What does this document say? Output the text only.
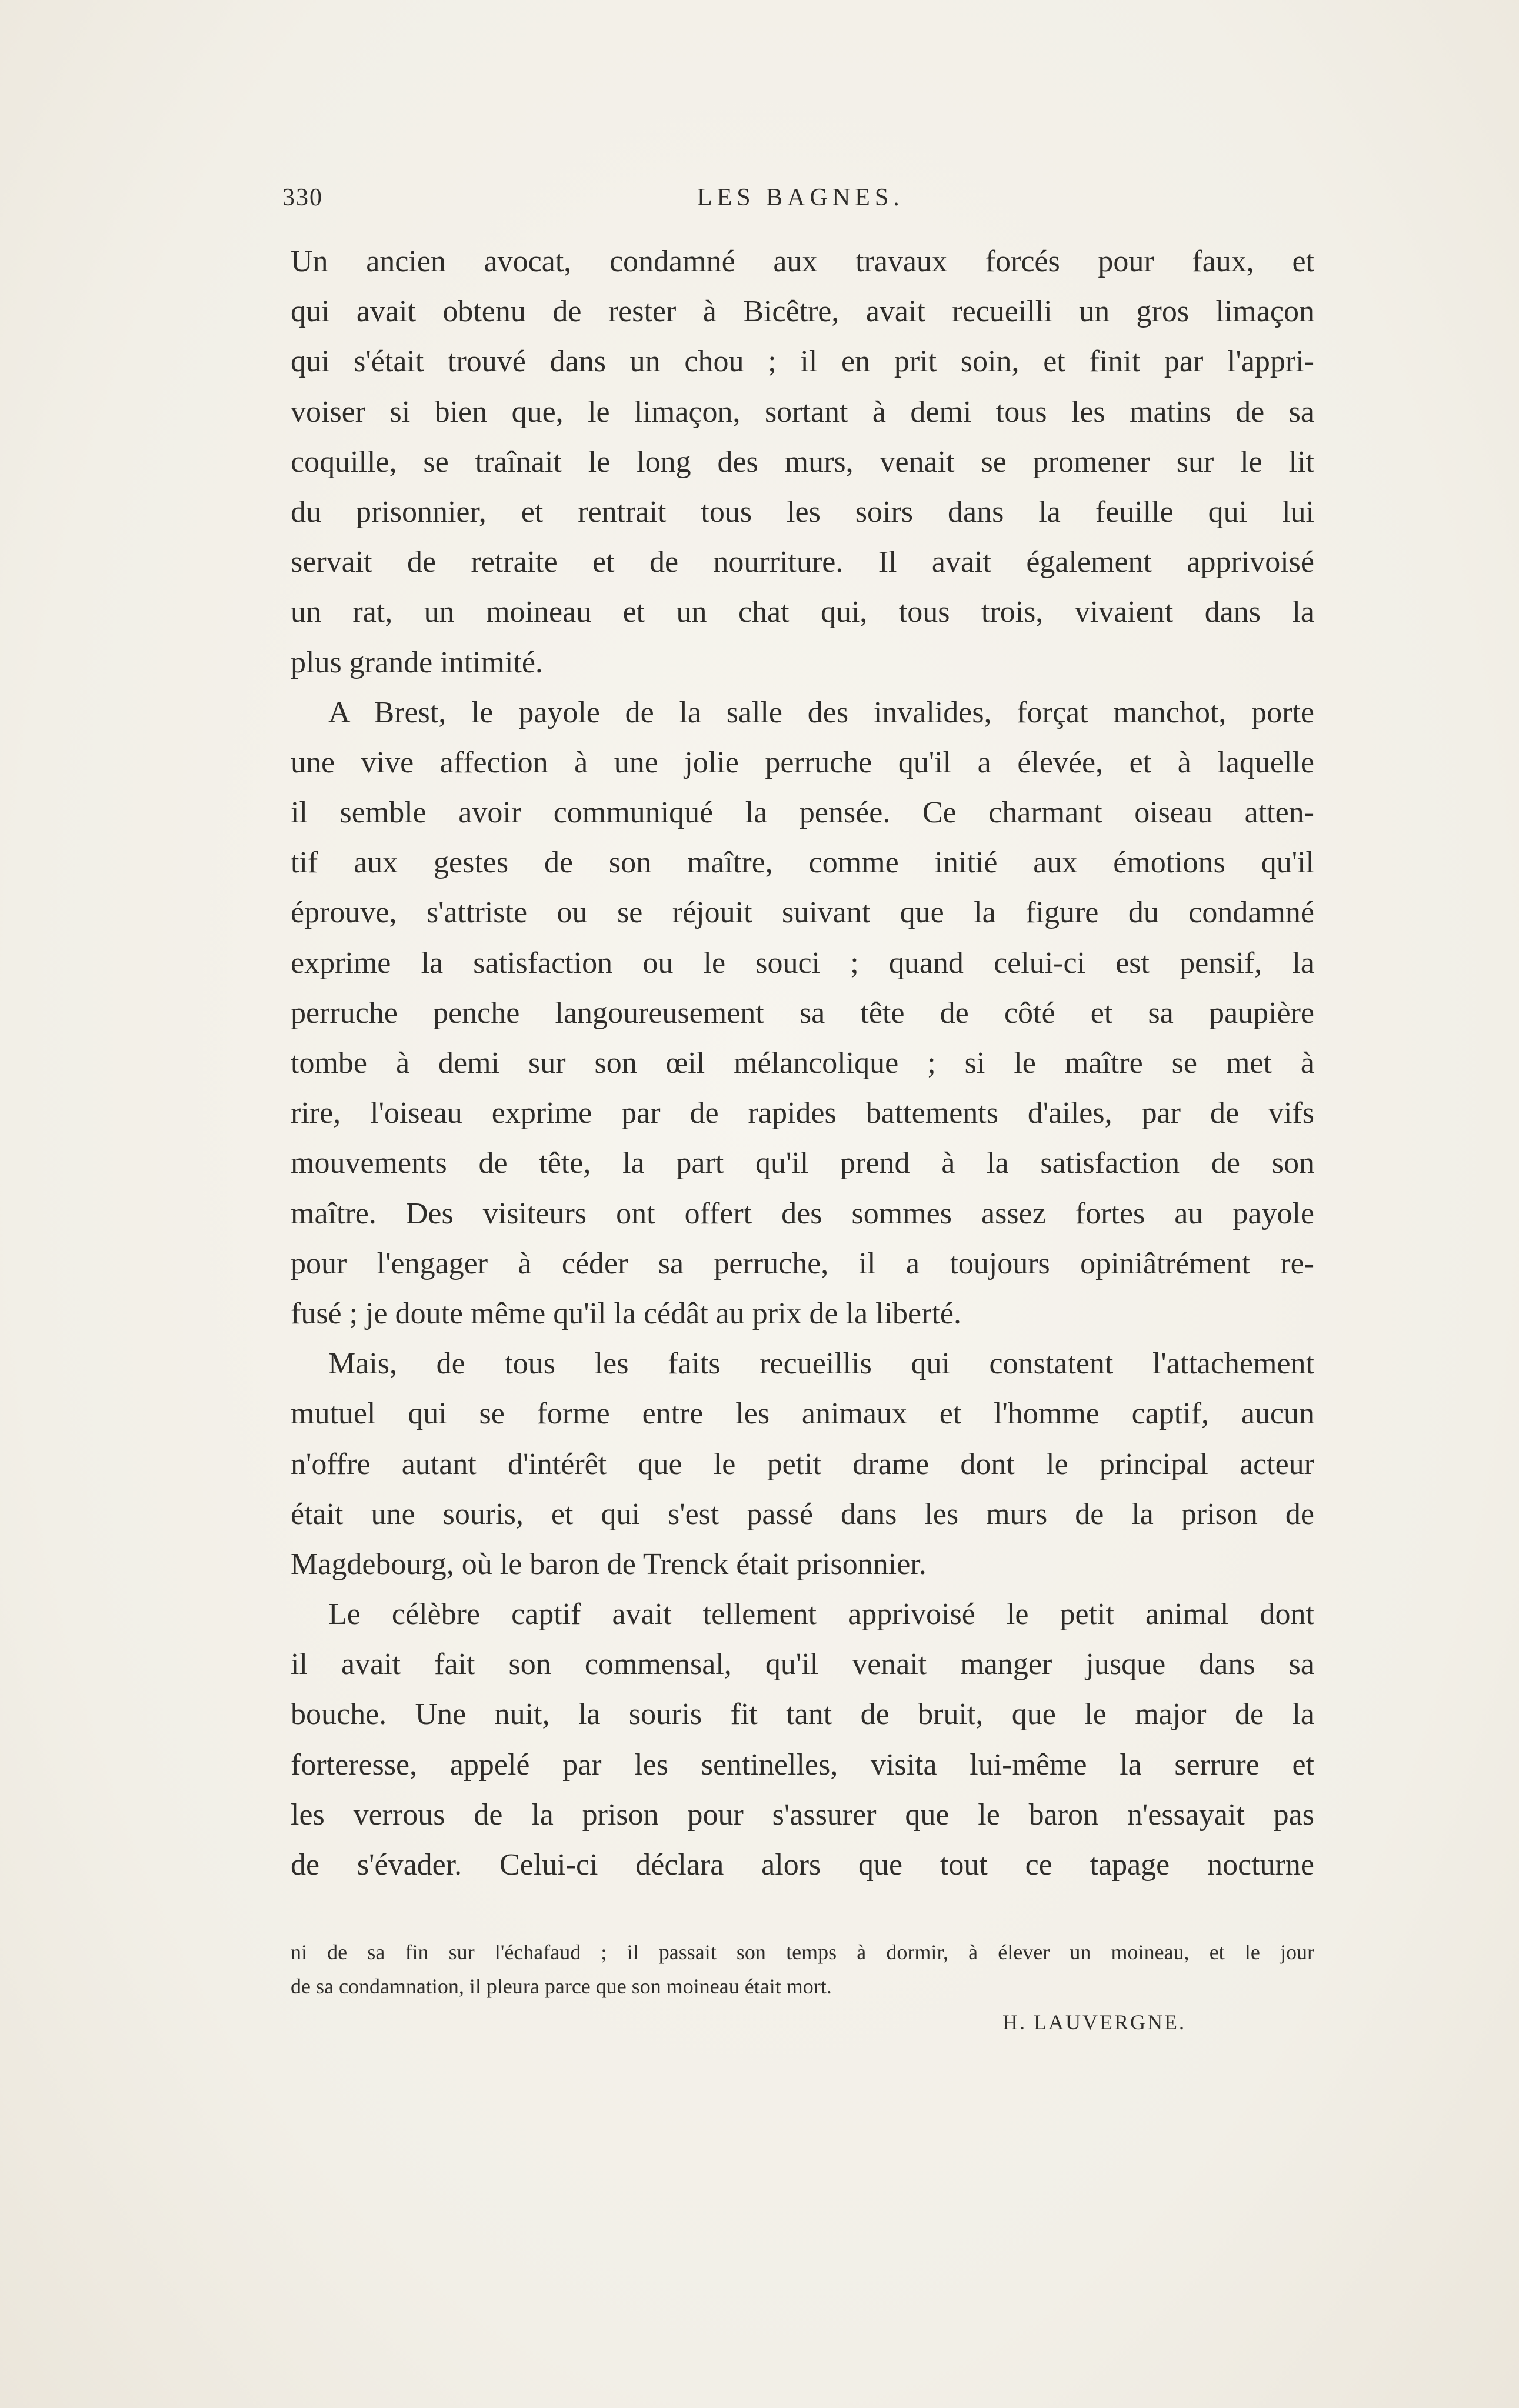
330	LES BAGNES.
Un ancien avocat, condamné aux travaux forcés pour faux, et
qui avait obtenu de rester à Bicêtre, avait recueilli un gros limaçon
qui s'était trouvé dans un chou ; il en prit soin, et finit par l'appri-
voiser si bien que, le limaçon, sortant à demi tous les matins de sa
coquille, se traînait le long des murs, venait se promener sur le lit
du prisonnier, et rentrait tous les soirs dans la feuille qui lui
servait de retraite et de nourriture. Il avait également apprivoisé
un rat, un moineau et un chat qui, tous trois, vivaient dans la
plus grande intimité.
A Brest, le payole de la salle des invalides, forçat manchot, porte
une vive affection à une jolie perruche qu'il a élevée, et à laquelle
il semble avoir communiqué la pensée. Ce charmant oiseau atten-
tif aux gestes de son maître, comme initié aux émotions qu'il
éprouve, s'attriste ou se réjouit suivant que la figure du condamné
exprime la satisfaction ou le souci ; quand celui-ci est pensif, la
perruche penche langoureusement sa tête de côté et sa paupière
tombe à demi sur son œil mélancolique ; si le maître se met à
rire, l'oiseau exprime par de rapides battements d'ailes, par de vifs
mouvements de tête, la part qu'il prend à la satisfaction de son
maître. Des visiteurs ont offert des sommes assez fortes au payole
pour l'engager à céder sa perruche, il a toujours opiniâtrément re-
fusé ; je doute même qu'il la cédât au prix de la liberté.
Mais, de tous les faits recueillis qui constatent l'attachement
mutuel qui se forme entre les animaux et l'homme captif, aucun
n'offre autant d'intérêt que le petit drame dont le principal acteur
était une souris, et qui s'est passé dans les murs de la prison de
Magdebourg, où le baron de Trenck était prisonnier.
Le célèbre captif avait tellement apprivoisé le petit animal dont
il avait fait son commensal, qu'il venait manger jusque dans sa
bouche. Une nuit, la souris fit tant de bruit, que le major de la
forteresse, appelé par les sentinelles, visita lui-même la serrure et
les verrous de la prison pour s'assurer que le baron n'essayait pas
de s'évader. Celui-ci déclara alors que tout ce tapage nocturne
ni de sa fin sur l'échafaud ; il passait son temps à dormir, à élever un moineau, et le jour
de sa condamnation, il pleura parce que son moineau était mort.
H. LAUVERGNE.
